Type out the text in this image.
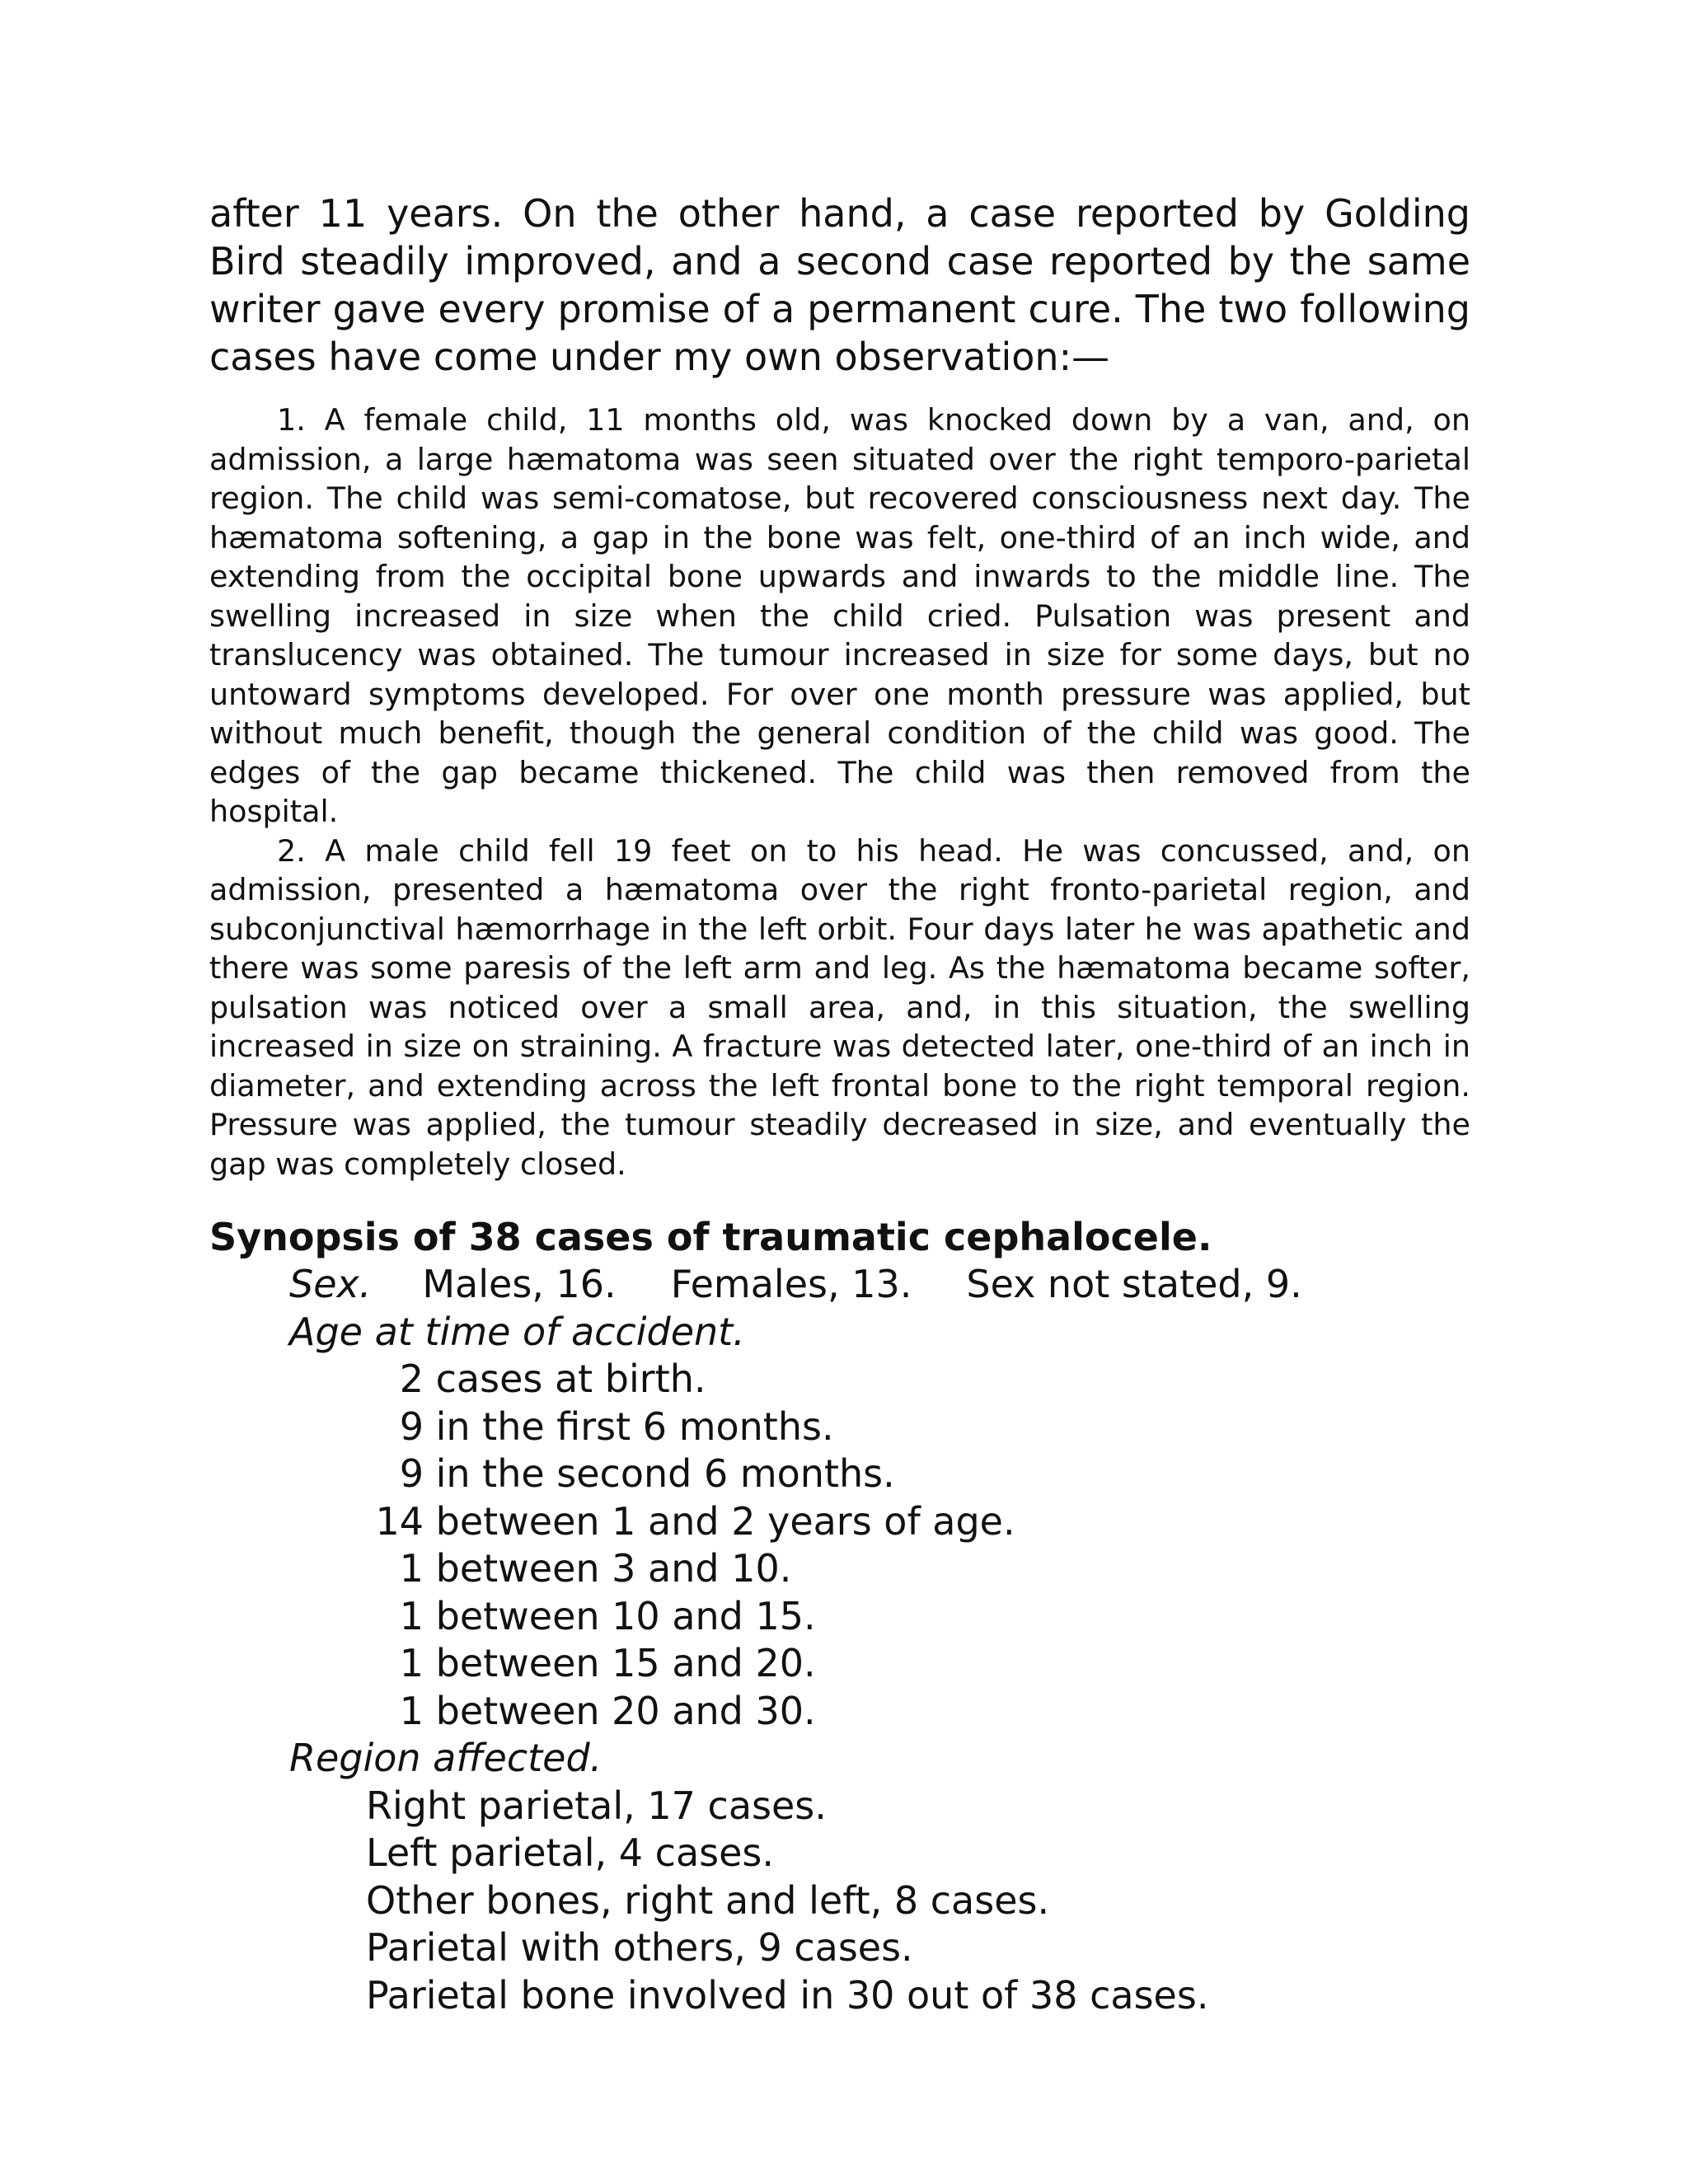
after 11 years. On the other hand, a case reported by Golding Bird steadily improved, and a second case reported by the same writer gave every promise of a permanent cure. The two following cases have come under my own observation:—

1. A female child, 11 months old, was knocked down by a van, and, on admission, a large hæmatoma was seen situated over the right temporo-parietal region. The child was semi-comatose, but recovered consciousness next day. The hæmatoma softening, a gap in the bone was felt, one-third of an inch wide, and extending from the occipital bone upwards and inwards to the middle line. The swelling increased in size when the child cried. Pulsation was present and translucency was obtained. The tumour increased in size for some days, but no untoward symptoms developed. For over one month pressure was applied, but without much benefit, though the general condition of the child was good. The edges of the gap became thickened. The child was then removed from the hospital.

2. A male child fell 19 feet on to his head. He was concussed, and, on admission, presented a hæmatoma over the right fronto-parietal region, and subconjunctival hæmorrhage in the left orbit. Four days later he was apathetic and there was some paresis of the left arm and leg. As the hæmatoma became softer, pulsation was noticed over a small area, and, in this situation, the swelling increased in size on straining. A fracture was detected later, one-third of an inch in diameter, and extending across the left frontal bone to the right temporal region. Pressure was applied, the tumour steadily decreased in size, and eventually the gap was completely closed.

Synopsis of 38 cases of traumatic cephalocele.
Sex. Males, 16. Females, 13. Sex not stated, 9.
Age at time of accident.
2 cases at birth.
9 in the first 6 months.
9 in the second 6 months.
14 between 1 and 2 years of age.
1 between 3 and 10.
1 between 10 and 15.
1 between 15 and 20.
1 between 20 and 30.
Region affected.
Right parietal, 17 cases.
Left parietal, 4 cases.
Other bones, right and left, 8 cases.
Parietal with others, 9 cases.
Parietal bone involved in 30 out of 38 cases.
